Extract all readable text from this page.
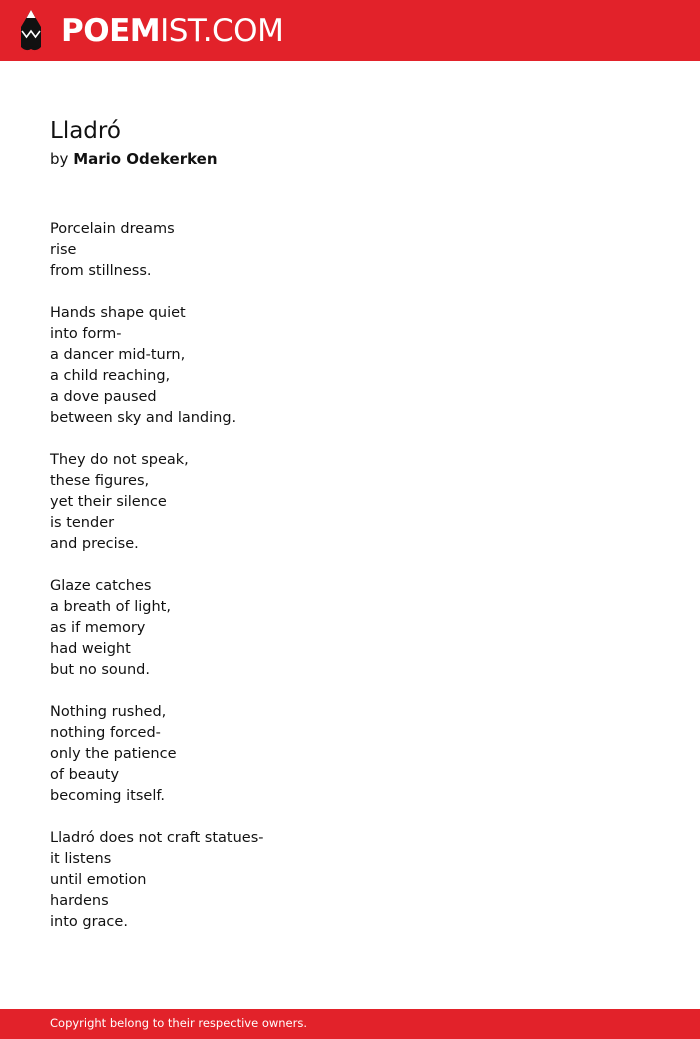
POEMIST.COM
Lladró
by Mario Odekerken

Porcelain dreams
rise
from stillness.

Hands shape quiet
into form-
a dancer mid-turn,
a child reaching,
a dove paused
between sky and landing.

They do not speak,
these figures,
yet their silence
is tender
and precise.

Glaze catches
a breath of light,
as if memory
had weight
but no sound.

Nothing rushed,
nothing forced-
only the patience
of beauty
becoming itself.

Lladró does not craft statues-
it listens
until emotion
hardens
into grace.

Copyright belong to their respective owners.
